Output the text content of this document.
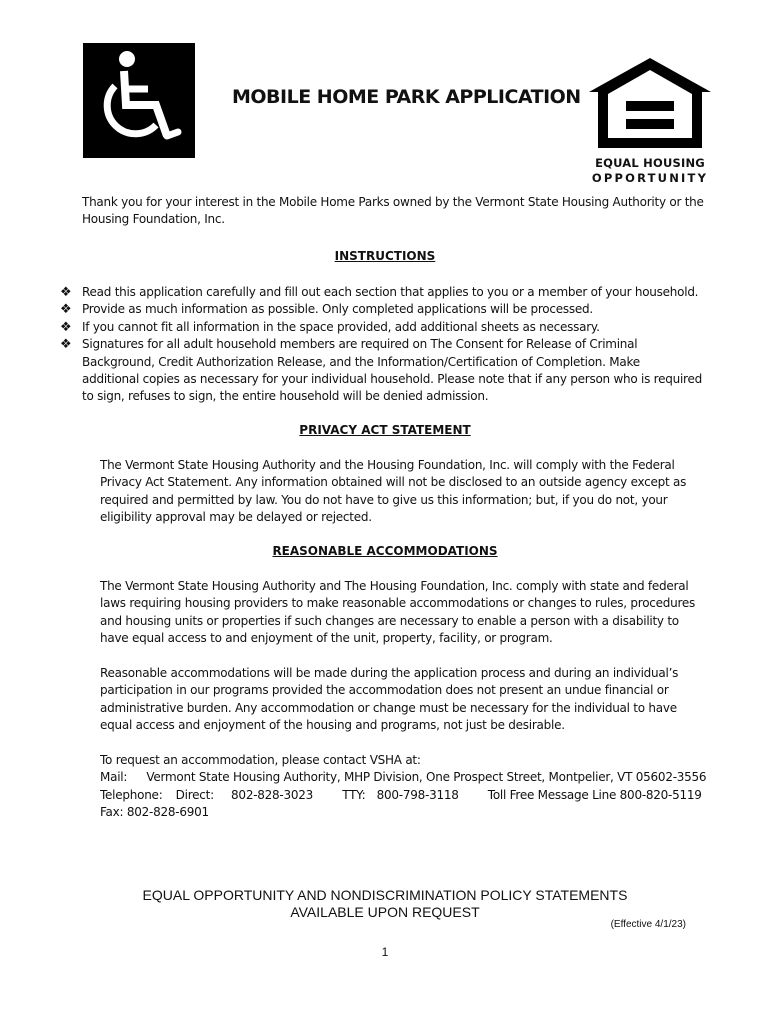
MOBILE HOME PARK APPLICATION
EQUAL HOUSING
OPPORTUNITY
Thank you for your interest in the Mobile Home Parks owned by the Vermont State Housing Authority or the
Housing Foundation, Inc.
INSTRUCTIONS
❖ Read this application carefully and fill out each section that applies to you or a member of your household.
❖ Provide as much information as possible. Only completed applications will be processed.
❖ If you cannot fit all information in the space provided, add additional sheets as necessary.
❖ Signatures for all adult household members are required on The Consent for Release of Criminal
Background, Credit Authorization Release, and the Information/Certification of Completion. Make
additional copies as necessary for your individual household. Please note that if any person who is required
to sign, refuses to sign, the entire household will be denied admission.
PRIVACY ACT STATEMENT
The Vermont State Housing Authority and the Housing Foundation, Inc. will comply with the Federal
Privacy Act Statement. Any information obtained will not be disclosed to an outside agency except as
required and permitted by law. You do not have to give us this information; but, if you do not, your
eligibility approval may be delayed or rejected.
REASONABLE ACCOMMODATIONS
The Vermont State Housing Authority and The Housing Foundation, Inc. comply with state and federal
laws requiring housing providers to make reasonable accommodations or changes to rules, procedures
and housing units or properties if such changes are necessary to enable a person with a disability to
have equal access to and enjoyment of the unit, property, facility, or program.
Reasonable accommodations will be made during the application process and during an individual’s
participation in our programs provided the accommodation does not present an undue financial or
administrative burden. Any accommodation or change must be necessary for the individual to have
equal access and enjoyment of the housing and programs, not just be desirable.
To request an accommodation, please contact VSHA at:
Mail: Vermont State Housing Authority, MHP Division, One Prospect Street, Montpelier, VT 05602-3556
Telephone: Direct: 802-828-3023 TTY: 800-798-3118 Toll Free Message Line 800-820-5119
Fax: 802-828-6901
EQUAL OPPORTUNITY AND NONDISCRIMINATION POLICY STATEMENTS
AVAILABLE UPON REQUEST
(Effective 4/1/23)
1
